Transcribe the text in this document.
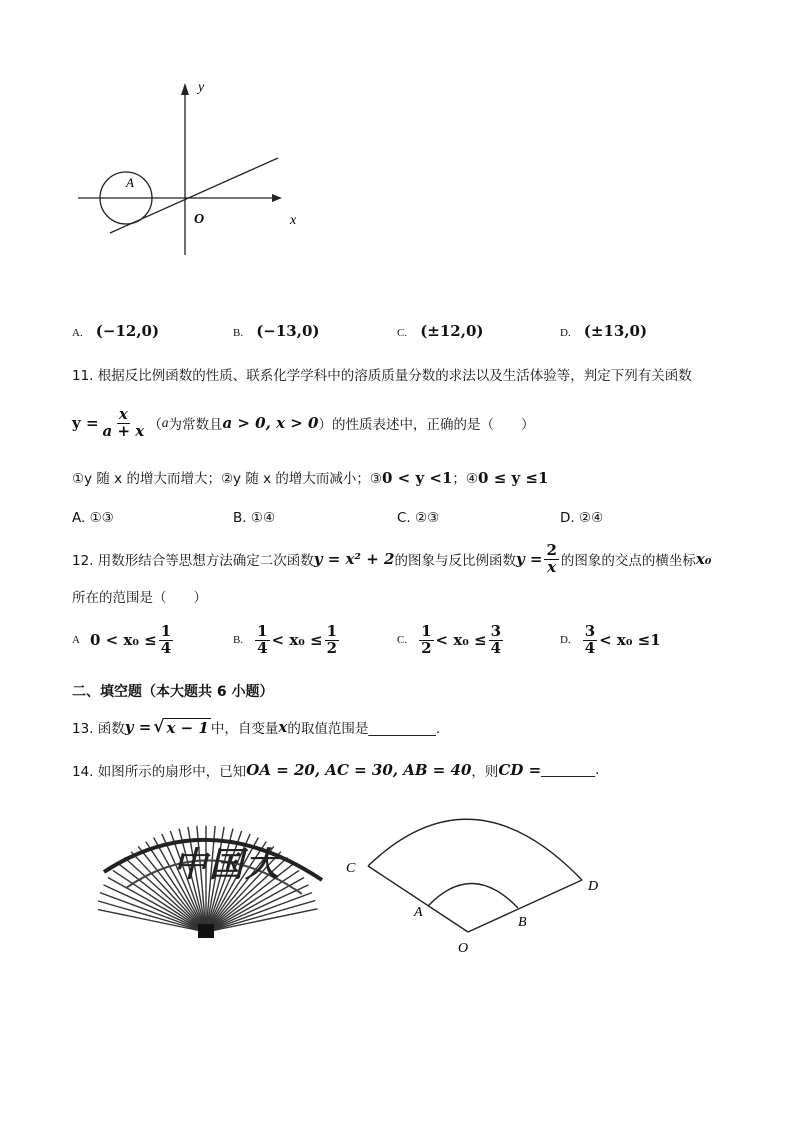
y
x
O
A
A. (−12,0)	B. (−13,0)	C. (±12,0)	D. (±13,0)
11. 根据反比例函数的性质、联系化学学科中的溶质质量分数的求法以及生活体验等，判定下列有关函数
$y = \frac{x}{a + x}$ （ a 为常数且 a > 0, x > 0 ）的性质表述中，正确的是（　　）
①y 随 x 的增大而增大；②y 随 x 的增大而减小；③0 < y <1；④0 ≤ y ≤1
A. ①③	B. ①④	C. ②③	D. ②④
12. 用数形结合等思想方法确定二次函数 y = x² + 2 的图象与反比例函数 $y = \frac{2}{x}$ 的图象的交点的横坐标 x₀
所在的范围是（　　）
A $0 < x_0 \le \frac{1}{4}$	B. $\frac{1}{4} < x_0 \le \frac{1}{2}$	C. $\frac{1}{2} < x_0 \le \frac{3}{4}$	D. $\frac{3}{4} < x_0 \le 1$
二、填空题（本大题共 6 小题）
13. 函数 y = √ x − 1 中，自变量 x 的取值范围是__________.
14. 如图所示的扇形中，已知 OA = 20, AC = 30, AB = 40 ，则 CD = ________.
中国大	C
D
A
B
O
